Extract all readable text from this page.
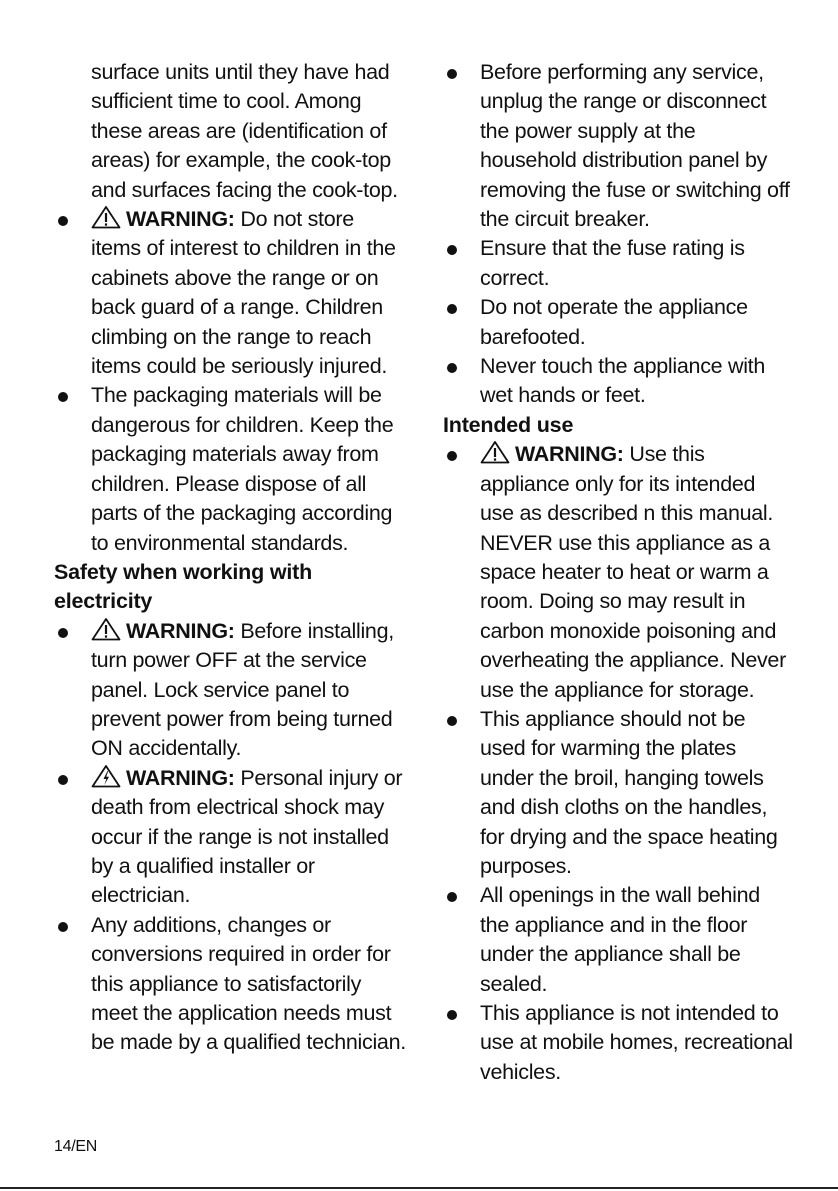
surface units until they have had sufficient time to cool. Among these areas are (identification of areas) for example, the cook-top and surfaces facing the cook-top.
WARNING: Do not store items of interest to children in the cabinets above the range or on back guard of a range. Children climbing on the range to reach items could be seriously injured.
The packaging materials will be dangerous for children. Keep the packaging materials away from children. Please dispose of all parts of the packaging according to environmental standards.
Safety when working with electricity
WARNING: Before installing, turn power OFF at the service panel. Lock service panel to prevent power from being turned ON accidentally.
WARNING: Personal injury or death from electrical shock may occur if the range is not installed by a qualified installer or electrician.
Any additions, changes or conversions required in order for this appliance to satisfactorily meet the application needs must be made by a qualified technician.
Before performing any service, unplug the range or disconnect the power supply at the household distribution panel by removing the fuse or switching off the circuit breaker.
Ensure that the fuse rating is correct.
Do not operate the appliance barefooted.
Never touch the appliance with wet hands or feet.
Intended use
WARNING: Use this appliance only for its intended use as described n this manual. NEVER use this appliance as a space heater to heat or warm a room. Doing so may result in carbon monoxide poisoning and overheating the appliance. Never use the appliance for storage.
This appliance should not be used for warming the plates under the broil, hanging towels and dish cloths on the handles, for drying and the space heating purposes.
All openings in the wall behind the appliance and in the floor under the appliance shall be sealed.
This appliance is not intended to use at mobile homes, recreational vehicles.
14/EN
